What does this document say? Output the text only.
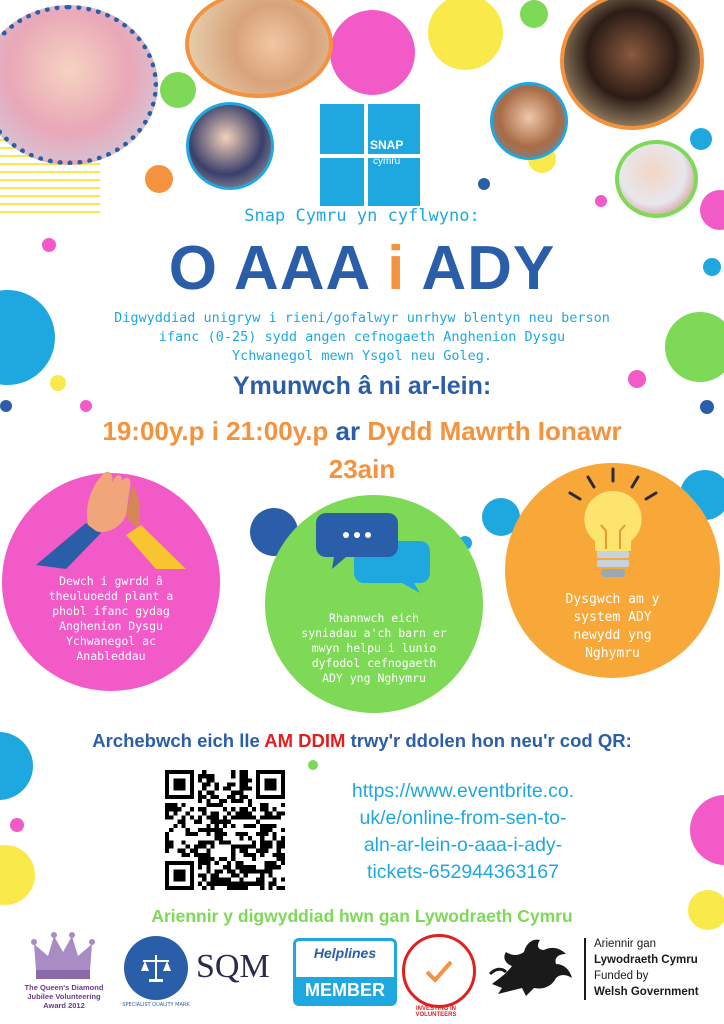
SNAP
cymru
Snap Cymru yn cyflwyno:
O AAA i ADY
Digwyddiad unigryw i rieni/gofalwyr unrhyw blentyn neu berson
ifanc (0-25) sydd angen cefnogaeth Anghenion Dysgu
Ychwanegol mewn Ysgol neu Goleg.
Ymunwch â ni ar-lein:
19:00y.p i 21:00y.p ar Dydd Mawrth Ionawr
23ain
Dewch i gwrdd â
theuluoedd plant a
phobl ifanc gydag
Anghenion Dysgu
Ychwanegol ac
Anableddau
Rhannwch eich
syniadau a'ch barn er
mwyn helpu i lunio
dyfodol cefnogaeth
ADY yng Nghymru
Dysgwch am y
system ADY
newydd yng
Nghymru
Archebwch eich lle AM DDIM trwy'r ddolen hon neu'r cod QR:
https://www.eventbrite.co.
uk/e/online-from-sen-to-
aln-ar-lein-o-aaa-i-ady-
tickets-652944363167
Ariennir y digwyddiad hwn gan Lywodraeth Cymru
The Queen's Diamond
Jubilee Volunteering
Award 2012	SPECIALIST QUALITY MARK
SQM	Helplines
MEMBER
INVESTING IN VOLUNTEERS
Ariennir gan
Lywodraeth Cymru
Funded by
Welsh Government
